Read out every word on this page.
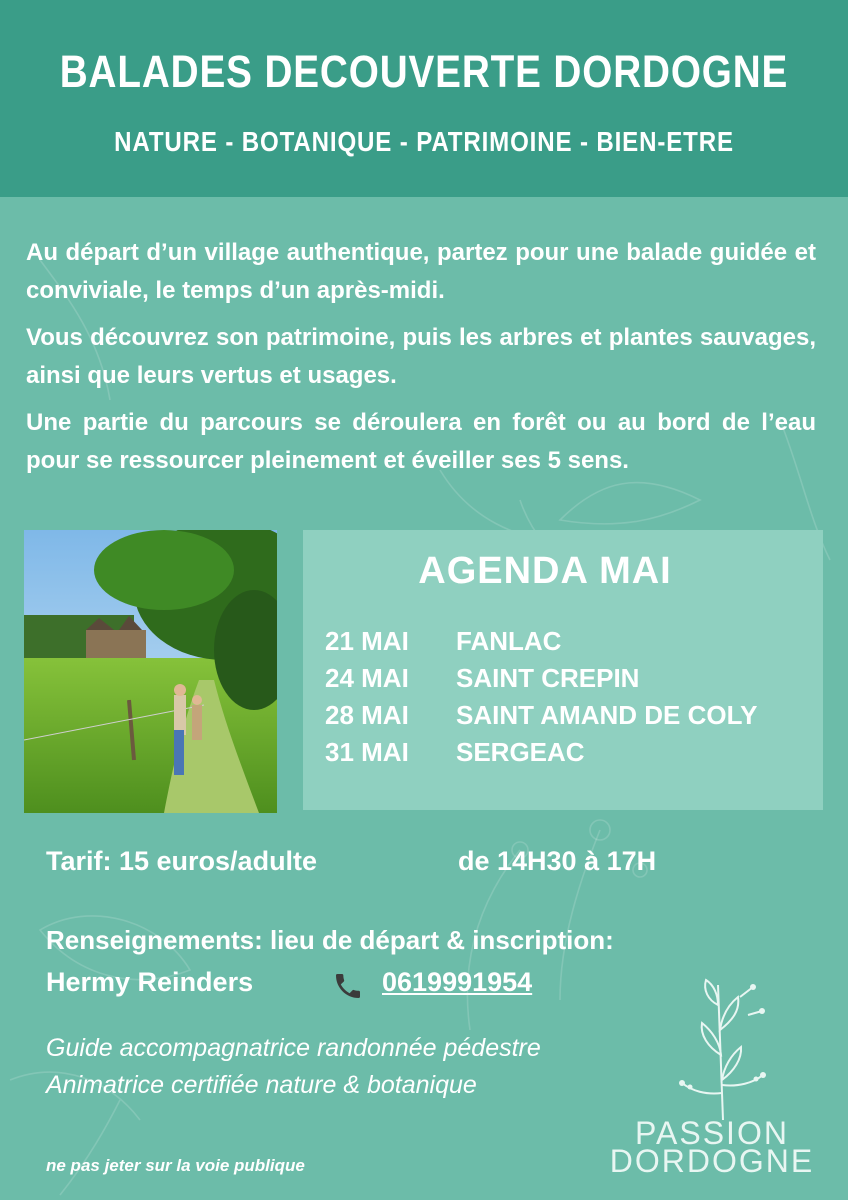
BALADES DECOUVERTE DORDOGNE
NATURE - BOTANIQUE - PATRIMOINE - BIEN-ETRE

Au départ d’un village authentique, partez pour une balade guidée et conviviale, le temps d’un après-midi.

Vous découvrez son patrimoine, puis les arbres et plantes sauvages, ainsi que leurs vertus et usages.

Une partie du parcours se déroulera en forêt ou au bord de l’eau pour se ressourcer pleinement et éveiller ses 5 sens.

AGENDA MAI
21 MAI FANLAC
24 MAI SAINT CREPIN
28 MAI SAINT AMAND DE COLY
31 MAI SERGEAC
Tarif: 15 euros/adulte	de 14H30 à 17H
Renseignements: lieu de départ & inscription:
Hermy Reinders	0619991954
Guide accompagnatrice randonnée pédestre
Animatrice certifiée nature & botanique
ne pas jeter sur la voie publique
PASSION
DORDOGNE
